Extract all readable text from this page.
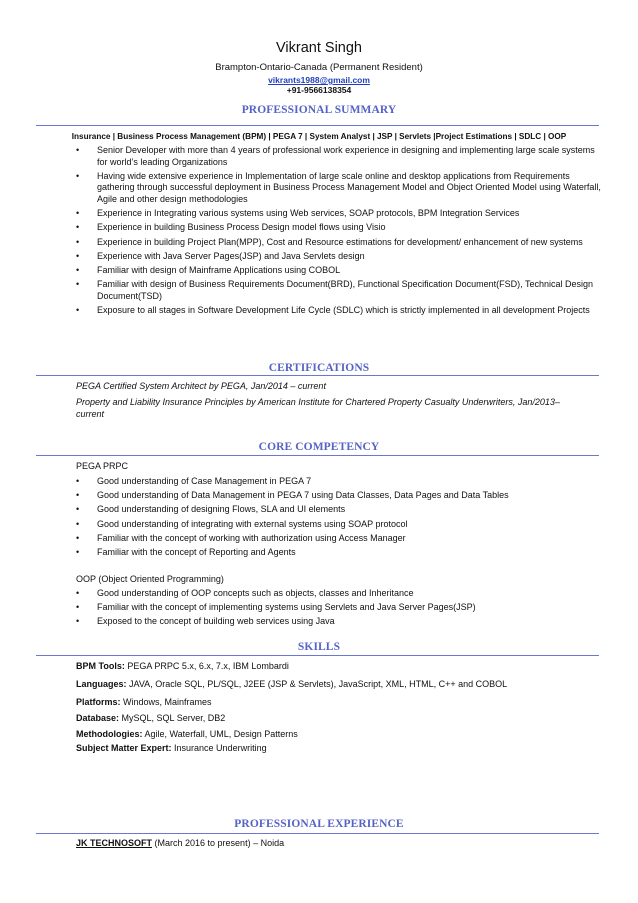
Vikrant Singh
Brampton-Ontario-Canada (Permanent Resident)
vikrants1988@gmail.com
+91-9566138354
PROFESSIONAL SUMMARY
Insurance | Business Process Management (BPM) | PEGA 7 | System Analyst | JSP | Servlets |Project Estimations | SDLC | OOP
• Senior Developer with more than 4 years of professional work experience in designing and implementing large scale systems for world’s leading Organizations
• Having wide extensive experience in Implementation of large scale online and desktop applications from Requirements gathering through successful deployment in Business Process Management Model and Object Oriented Model using Waterfall, Agile and other design methodologies
• Experience in Integrating various systems using Web services, SOAP protocols, BPM Integration Services
• Experience in building Business Process Design model flows using Visio
• Experience in building Project Plan(MPP), Cost and Resource estimations for development/ enhancement of new systems
• Experience with Java Server Pages(JSP) and Java Servlets design
• Familiar with design of Mainframe Applications using COBOL
• Familiar with design of Business Requirements Document(BRD), Functional Specification Document(FSD), Technical Design Document(TSD)
• Exposure to all stages in Software Development Life Cycle (SDLC) which is strictly implemented in all development Projects
CERTIFICATIONS
PEGA Certified System Architect by PEGA, Jan/2014 – current
Property and Liability Insurance Principles by American Institute for Chartered Property Casualty Underwriters, Jan/2013– current
CORE COMPETENCY
PEGA PRPC
• Good understanding of Case Management in PEGA 7
• Good understanding of Data Management in PEGA 7 using Data Classes, Data Pages and Data Tables
• Good understanding of designing Flows, SLA and UI elements
• Good understanding of integrating with external systems using SOAP protocol
• Familiar with the concept of working with authorization using Access Manager
• Familiar with the concept of Reporting and Agents
OOP (Object Oriented Programming)
• Good understanding of OOP concepts such as objects, classes and Inheritance
• Familiar with the concept of implementing systems using Servlets and Java Server Pages(JSP)
• Exposed to the concept of building web services using Java
SKILLS
BPM Tools: PEGA PRPC 5.x, 6.x, 7.x, IBM Lombardi
Languages: JAVA, Oracle SQL, PL/SQL, J2EE (JSP & Servlets), JavaScript, XML, HTML, C++ and COBOL
Platforms: Windows, Mainframes
Database: MySQL, SQL Server, DB2
Methodologies: Agile, Waterfall, UML, Design Patterns
Subject Matter Expert: Insurance Underwriting
PROFESSIONAL EXPERIENCE
JK TECHNOSOFT (March 2016 to present) – Noida
